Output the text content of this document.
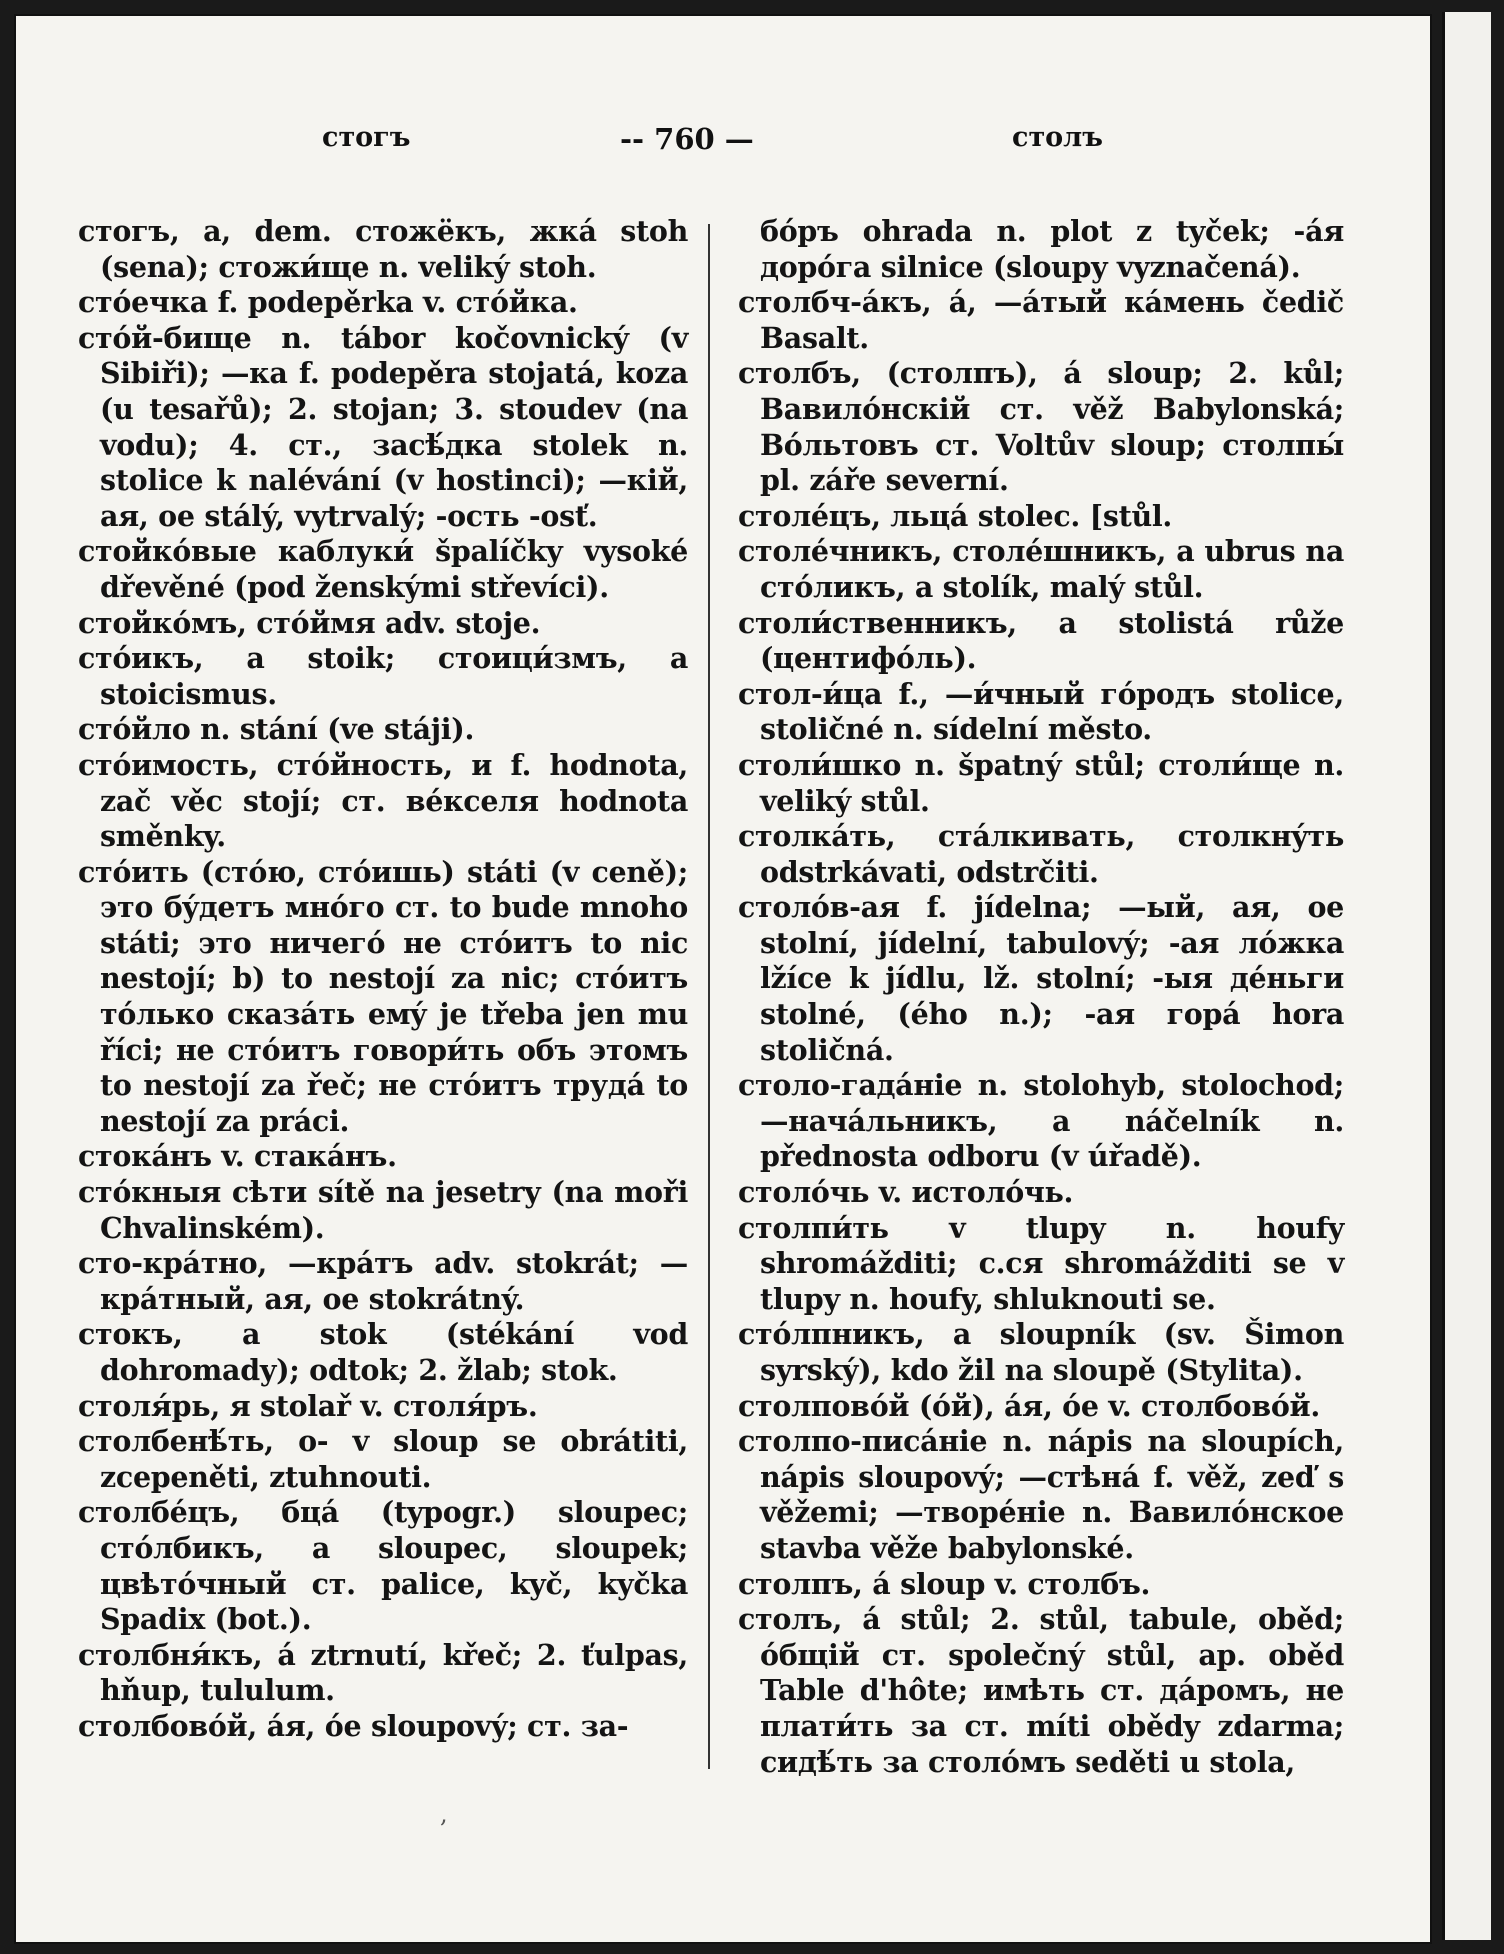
стогъ	-- 760 —	столъ

стогъ, а, dem. стожёкъ, жка́ stoh (sena); стожи́ще n. veliký stoh.

стóечка f. podepěrka v. стóйка.

стóй-бище n. tábor kočovnický (v Sibiři); —ка f. podepěra stojatá, koza (u tesařů); 2. stojan; 3. stoudev (na vodu); 4. ст., засѣ́дка stolek n. stolice k nalévání (v hostinci); —кій, ая, ое stálý, vytrvalý; -ость -osť.

стойкóвые каблуки́ špalíčky vysoké dřevěné (pod ženskými střevíci).

стойкóмъ, стóймя adv. stoje.

стóикъ, а stoik; стоици́змъ, а stoicismus.

стóйло n. stání (ve stáji).

стóимость, стóйность, и f. hodnota, zač věc stojí; ст. вéкселя hodnota směnky.

стóить (стóю, стóишь) státi (v ceně); это бýдетъ мнóго ст. to bude mnoho státi; это ничегó не стóитъ to nic nestojí; b) to nestojí za nic; стóитъ тóлько сказа́ть емý je třeba jen mu říci; не стóитъ говори́ть объ этомъ to nestojí za řeč; не стóитъ трудá to nestojí za práci.

стока́нъ v. стака́нъ.

стóкныя сѣти sítě na jesetry (na moři Chvalinském).

сто-кра́тно, —кра́тъ adv. stokrát; —кра́тный, ая, ое stokrátný.

стокъ, а stok (stékání vod dohromady); odtok; 2. žlab; stok.

столя́рь, я stolař v. столя́ръ.

столбенѣ́ть, о- v sloup se obrátiti, zcepeněti, ztuhnouti.

столбéцъ, бцá (typogr.) sloupec; стóлбикъ, а sloupec, sloupek; цвѣтóчный ст. palice, kyč, kyčka Spadix (bot.).

столбня́къ, á ztrnutí, křeč; 2. ťulpas, hňup, tululum.

столбовóй, áя, óе sloupový; ст. за-

бóръ ohrada n. plot z tyček; -áя дорóга silnice (sloupy vyznačená).

столбч-а́къ, á, —а́тый ка́мень čedič Basalt.

столбъ, (столпъ), á sloup; 2. kůl; Вавилóнскій ст. věž Babylonská; Вóльтовъ ст. Voltův sloup; столпы́ pl. záře severní.

столéцъ, льцá stolec. [stůl.

столéчникъ, столéшникъ, а ubrus na стóликъ, а stolík, malý stůl.

столи́ственникъ, а stolistá růže (центифóль).

стол-и́ца f., —и́чный гóродъ stolice, stoličné n. sídelní město.

столи́шко n. špatný stůl; столи́ще n. veliký stůl.

столка́ть, стáлкивать, столкнýть odstrkávati, odstrčiti.

столóв-ая f. jídelna; —ый, ая, ое stolní, jídelní, tabulový; -ая лóжка lžíce k jídlu, lž. stolní; -ыя дéньги stolné, (ého n.); -ая горá hora stoličná.

столо-гадáніе n. stolohyb, stolochod; —начáльникъ, а náčelník n. přednosta odboru (v úřadě).

столóчь v. истолóчь.

столпи́ть v tlupy n. houfy shromážditi; с.ся shromážditi se v tlupy n. houfy, shluknouti se.

стóлпникъ, а sloupník (sv. Šimon syrský), kdo žil na sloupě (Stylita).

столпово́й (óй), áя, óе v. столбово́й.

столпо-писáніе n. nápis na sloupích, nápis sloupový; —стѣнá f. věž, zeď s věžemi; —творéніе n. Вавилóнское stavba věže babylonské.

столпъ, á sloup v. столбъ.

столъ, á stůl; 2. stůl, tabule, oběd; óбщій ст. společný stůl, ap. oběd Table d'hôte; имѣть ст. дáромъ, не плати́ть за ст. míti obědy zdarma; сидѣ́ть за столóмъ seděti u stola,

,
